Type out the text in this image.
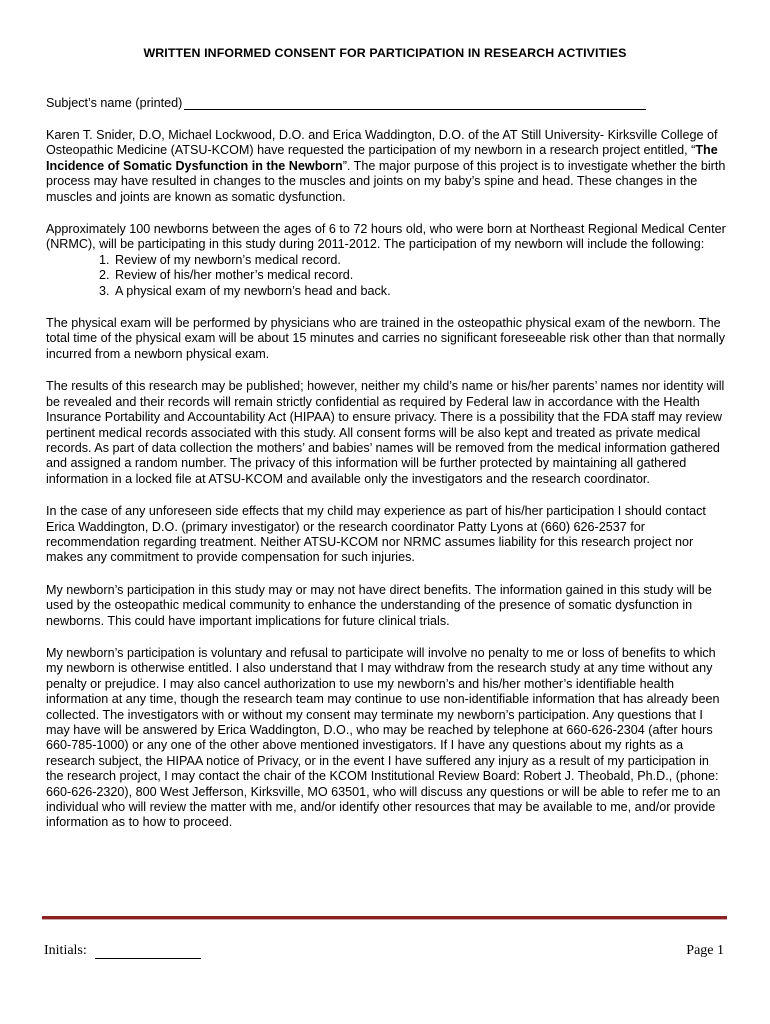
WRITTEN INFORMED CONSENT FOR PARTICIPATION IN RESEARCH ACTIVITIES
Subject’s name (printed)

Karen T. Snider, D.O, Michael Lockwood, D.O. and Erica Waddington, D.O. of the AT Still University- Kirksville College of Osteopathic Medicine (ATSU-KCOM) have requested the participation of my newborn in a research project entitled, “The Incidence of Somatic Dysfunction in the Newborn”. The major purpose of this project is to investigate whether the birth process may have resulted in changes to the muscles and joints on my baby’s spine and head. These changes in the muscles and joints are known as somatic dysfunction.

Approximately 100 newborns between the ages of 6 to 72 hours old, who were born at Northeast Regional Medical Center (NRMC), will be participating in this study during 2011-2012. The participation of my newborn will include the following:

1. Review of my newborn’s medical record.
2. Review of his/her mother’s medical record.
3. A physical exam of my newborn’s head and back.

The physical exam will be performed by physicians who are trained in the osteopathic physical exam of the newborn. The total time of the physical exam will be about 15 minutes and carries no significant foreseeable risk other than that normally incurred from a newborn physical exam.

The results of this research may be published; however, neither my child’s name or his/her parents’ names nor identity will be revealed and their records will remain strictly confidential as required by Federal law in accordance with the Health Insurance Portability and Accountability Act (HIPAA) to ensure privacy. There is a possibility that the FDA staff may review pertinent medical records associated with this study. All consent forms will be also kept and treated as private medical records. As part of data collection the mothers’ and babies’ names will be removed from the medical information gathered and assigned a random number. The privacy of this information will be further protected by maintaining all gathered information in a locked file at ATSU-KCOM and available only the investigators and the research coordinator.

In the case of any unforeseen side effects that my child may experience as part of his/her participation I should contact Erica Waddington, D.O. (primary investigator) or the research coordinator Patty Lyons at (660) 626-2537 for recommendation regarding treatment. Neither ATSU-KCOM nor NRMC assumes liability for this research project nor makes any commitment to provide compensation for such injuries.

My newborn’s participation in this study may or may not have direct benefits. The information gained in this study will be used by the osteopathic medical community to enhance the understanding of the presence of somatic dysfunction in newborns. This could have important implications for future clinical trials.

My newborn’s participation is voluntary and refusal to participate will involve no penalty to me or loss of benefits to which my newborn is otherwise entitled. I also understand that I may withdraw from the research study at any time without any penalty or prejudice. I may also cancel authorization to use my newborn’s and his/her mother’s identifiable health information at any time, though the research team may continue to use non-identifiable information that has already been collected. The investigators with or without my consent may terminate my newborn’s participation. Any questions that I may have will be answered by Erica Waddington, D.O., who may be reached by telephone at 660-626-2304 (after hours 660-785-1000) or any one of the other above mentioned investigators. If I have any questions about my rights as a research subject, the HIPAA notice of Privacy, or in the event I have suffered any injury as a result of my participation in the research project, I may contact the chair of the KCOM Institutional Review Board: Robert J. Theobald, Ph.D., (phone: 660-626-2320), 800 West Jefferson, Kirksville, MO 63501, who will discuss any questions or will be able to refer me to an individual who will review the matter with me, and/or identify other resources that may be available to me, and/or provide information as to how to proceed.

Initials:	Page 1
